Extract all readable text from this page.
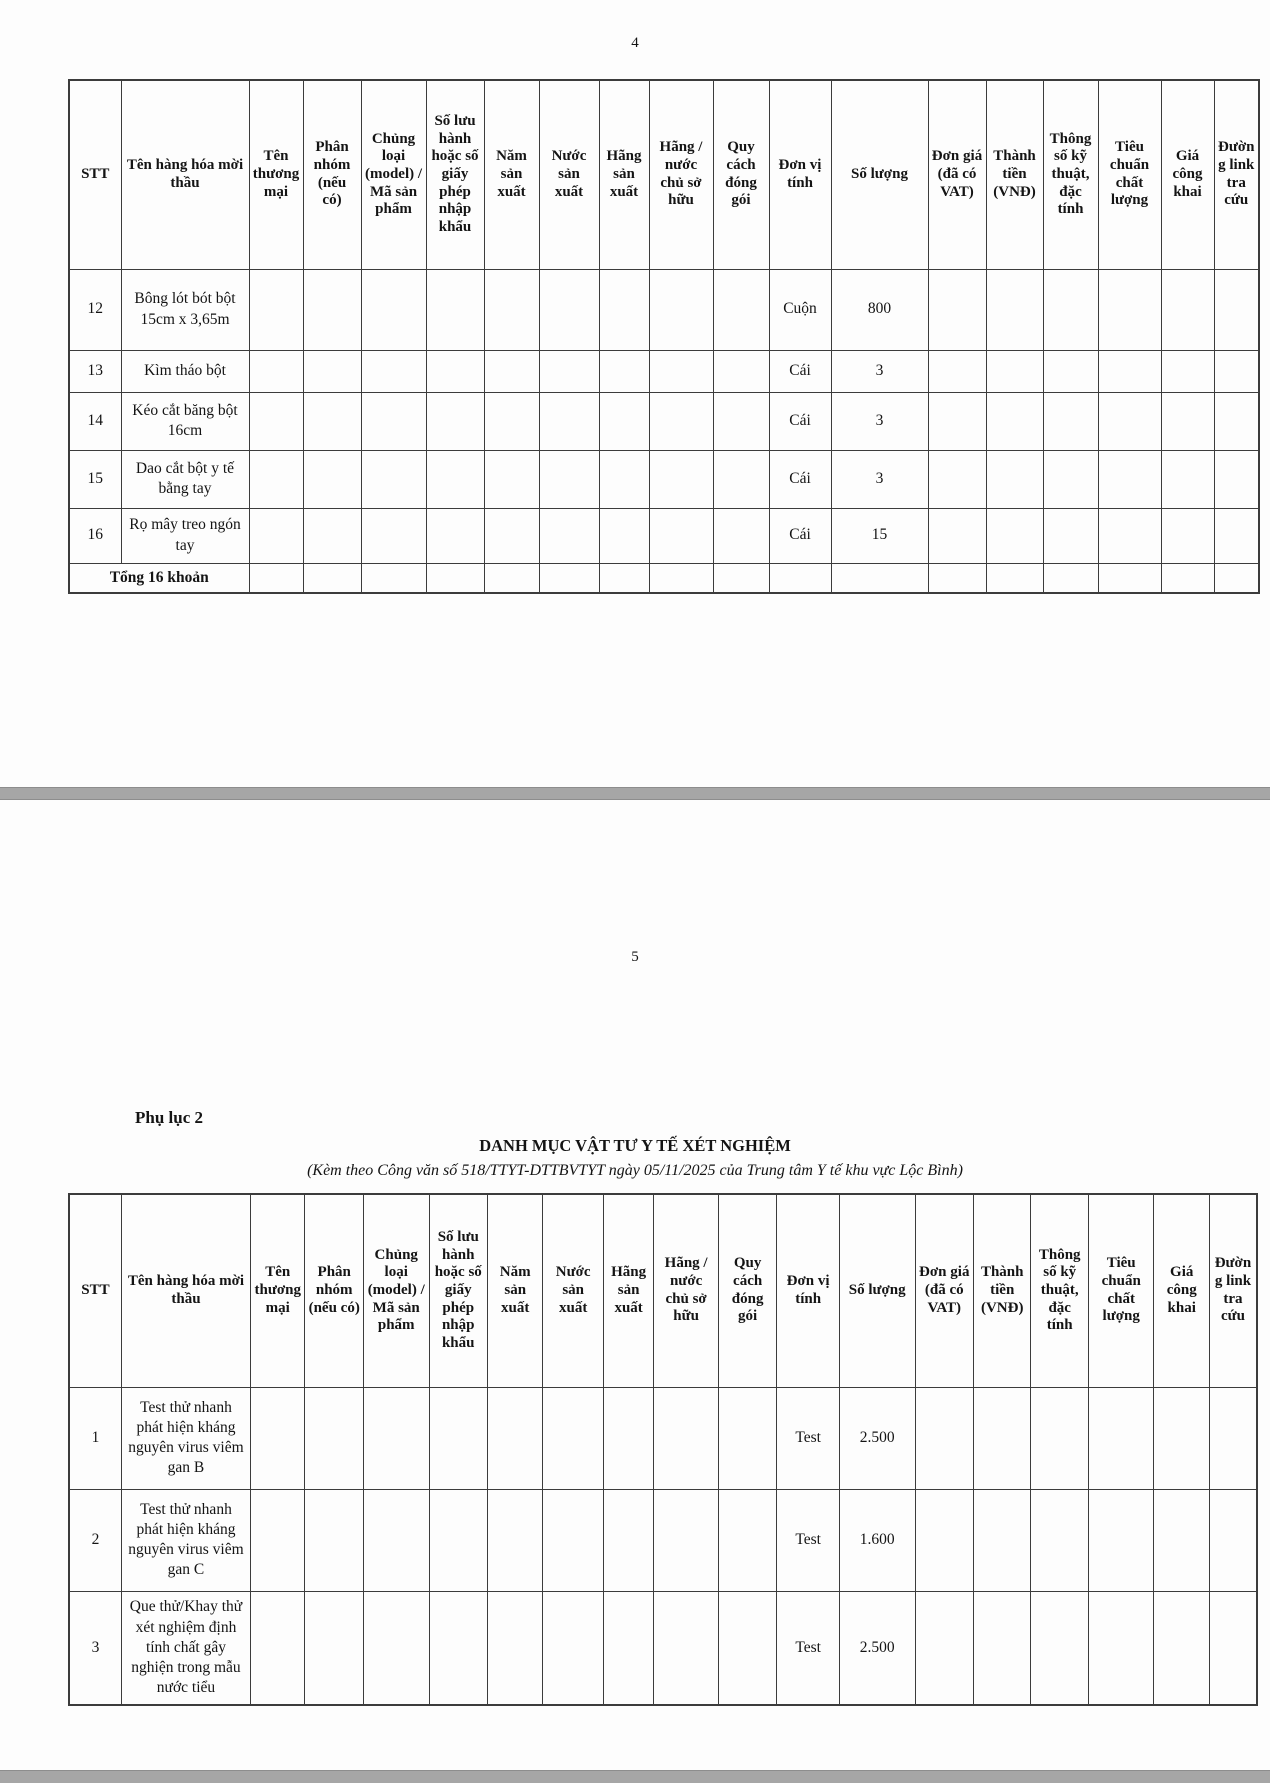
4
STT	Tên hàng hóa mời thầu	Tên thương mại	Phân nhóm (nếu có)	Chủng loại (model) / Mã sản phẩm	Số lưu hành hoặc số giấy phép nhập khẩu	Năm sản xuất	Nước sản xuất	Hãng sản xuất	Hãng / nước chủ sở hữu	Quy cách đóng gói	Đơn vị tính	Số lượng	Đơn giá (đã có VAT)	Thành tiền (VNĐ)	Thông số kỹ thuật, đặc tính	Tiêu chuẩn chất lượng	Giá công khai	Đường link tra cứu
12	Bông lót bót bột 15cm x 3,65m										Cuộn	800						
13	Kìm tháo bột										Cái	3						
14	Kéo cắt băng bột 16cm										Cái	3						
15	Dao cắt bột y tế bằng tay										Cái	3						
16	Rọ mây treo ngón tay										Cái	15						
Tổng 16 khoản																		
5
Phụ lục 2
DANH MỤC VẬT TƯ Y TẾ XÉT NGHIỆM
(Kèm theo Công văn số 518/TTYT-DTTBVTYT ngày 05/11/2025 của Trung tâm Y tế khu vực Lộc Bình)
STT	Tên hàng hóa mời thầu	Tên thương mại	Phân nhóm (nếu có)	Chủng loại (model) / Mã sản phẩm	Số lưu hành hoặc số giấy phép nhập khẩu	Năm sản xuất	Nước sản xuất	Hãng sản xuất	Hãng / nước chủ sở hữu	Quy cách đóng gói	Đơn vị tính	Số lượng	Đơn giá (đã có VAT)	Thành tiền (VNĐ)	Thông số kỹ thuật, đặc tính	Tiêu chuẩn chất lượng	Giá công khai	Đường link tra cứu
1	Test thử nhanh phát hiện kháng nguyên virus viêm gan B										Test	2.500						
2	Test thử nhanh phát hiện kháng nguyên virus viêm gan C										Test	1.600						
3	Que thử/Khay thử xét nghiệm định tính chất gây nghiện trong mẫu nước tiểu										Test	2.500						
